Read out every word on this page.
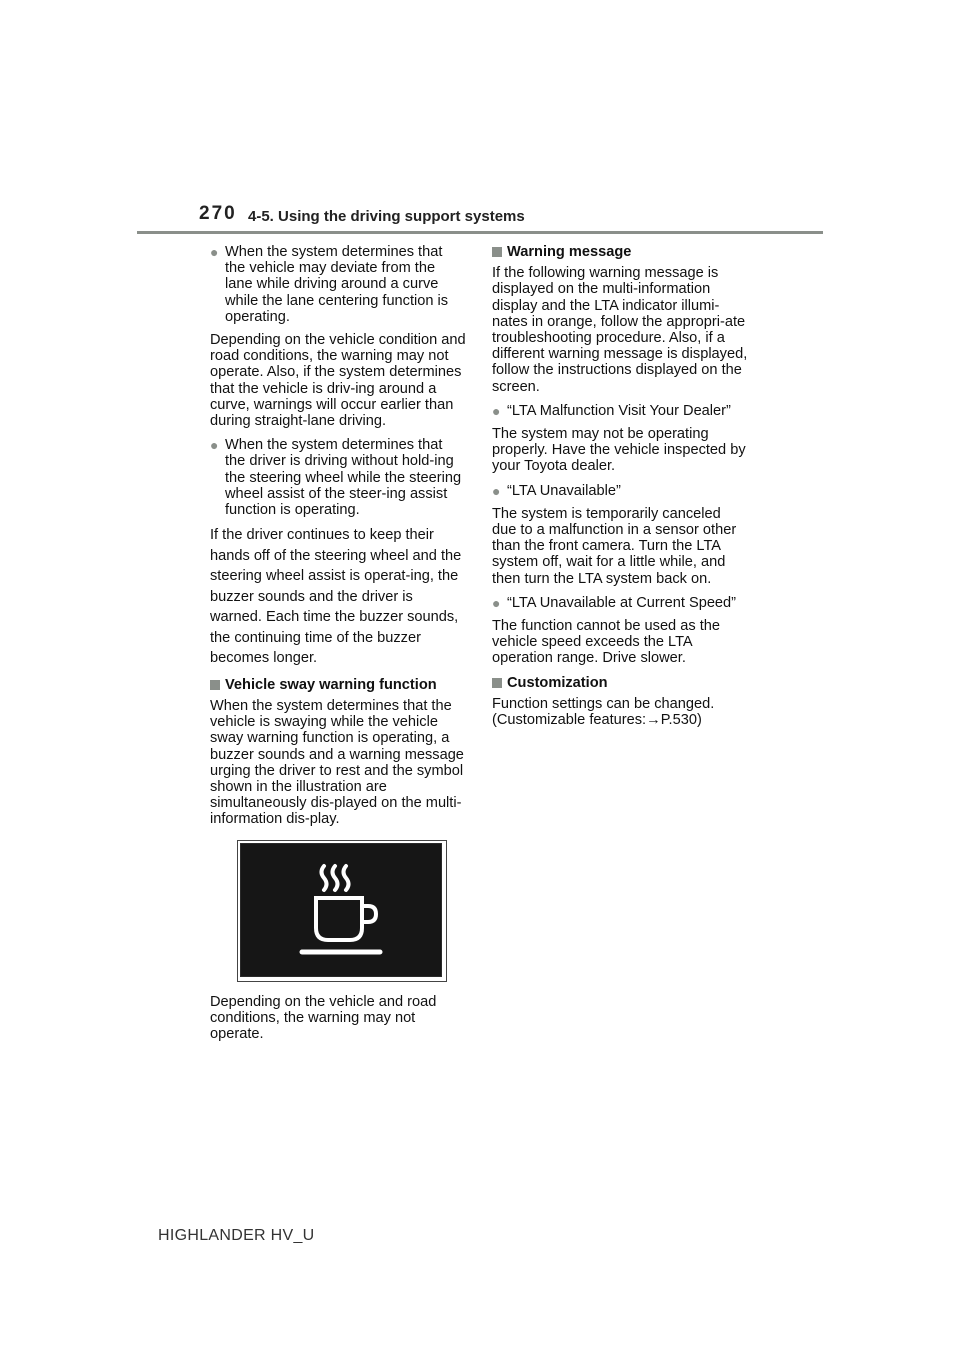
270 4-5. Using the driving support systems
● When the system determines that the vehicle may deviate from the lane while driving around a curve while the lane centering function is operating.

Depending on the vehicle condition and road conditions, the warning may not operate. Also, if the system determines that the vehicle is driv-ing around a curve, warnings will occur earlier than during straight-lane driving.

● When the system determines that the driver is driving without hold-ing the steering wheel while the steering wheel assist of the steer-ing assist function is operating.

If the driver continues to keep their hands off of the steering wheel and the steering wheel assist is operat-ing, the buzzer sounds and the driver is warned. Each time the buzzer sounds, the continuing time of the buzzer becomes longer.

Vehicle sway warning function

When the system determines that the vehicle is swaying while the vehicle sway warning function is operating, a buzzer sounds and a warning message urging the driver to rest and the symbol shown in the illustration are simultaneously dis-played on the multi-information dis-play.

Depending on the vehicle and road conditions, the warning may not operate.

Warning message

If the following warning message is displayed on the multi-information display and the LTA indicator illumi-nates in orange, follow the appropri-ate troubleshooting procedure. Also, if a different warning message is displayed, follow the instructions displayed on the screen.

● “LTA Malfunction Visit Your Dealer”

The system may not be operating properly. Have the vehicle inspected by your Toyota dealer.

● “LTA Unavailable”

The system is temporarily canceled due to a malfunction in a sensor other than the front camera. Turn the LTA system off, wait for a little while, and then turn the LTA system back on.

● “LTA Unavailable at Current Speed”

The function cannot be used as the vehicle speed exceeds the LTA operation range. Drive slower.

Customization

Function settings can be changed. (Customizable features:→P.530)

HIGHLANDER HV_U
